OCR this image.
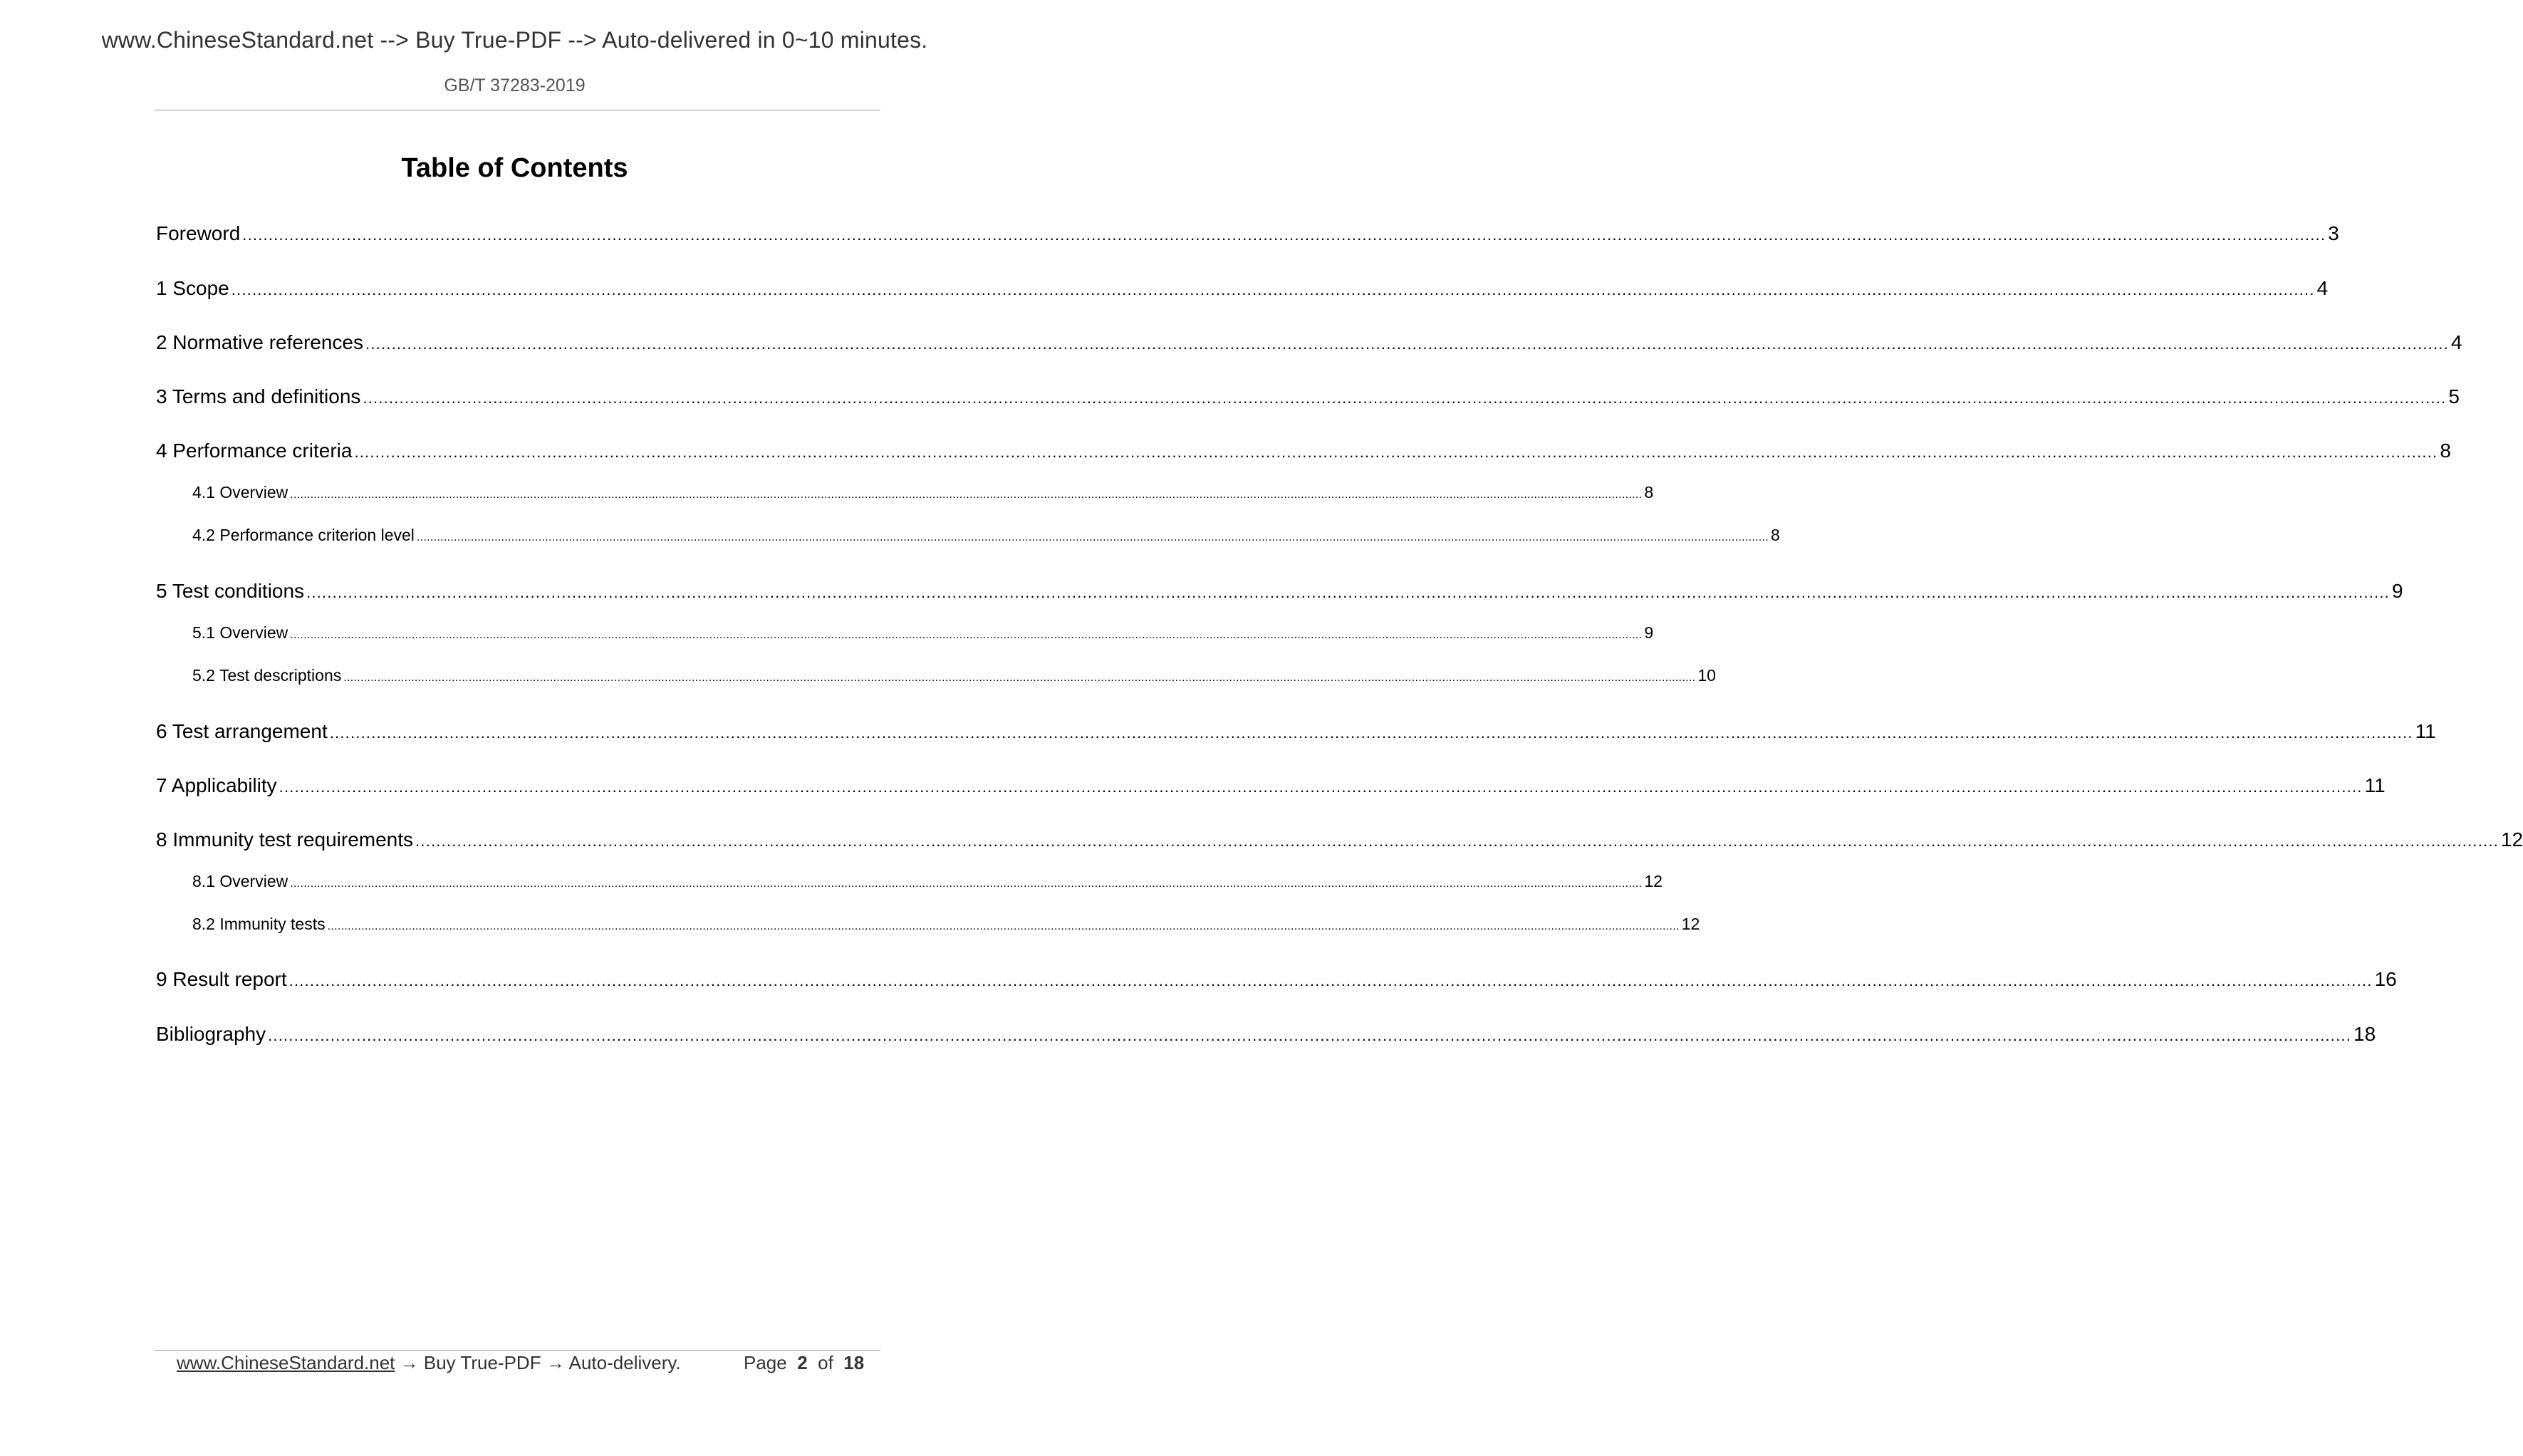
www.ChineseStandard.net --> Buy True-PDF --> Auto-delivered in 0~10 minutes.
GB/T 37283-2019
Table of Contents
Foreword ................................................................................................................................................................................................................................................................................................................................................................................................................ 3
1 Scope ................................................................................................................................................................................................................................................................................................................................................................................................................ 4
2 Normative references ................................................................................................................................................................................................................................................................................................................................................................................................................ 4
3 Terms and definitions ................................................................................................................................................................................................................................................................................................................................................................................................................ 5
4 Performance criteria ................................................................................................................................................................................................................................................................................................................................................................................................................ 8
4.1 Overview ................................................................................................................................................................................................................................................................................................................................................................................................................ 8
4.2 Performance criterion level ................................................................................................................................................................................................................................................................................................................................................................................................................ 8
5 Test conditions ................................................................................................................................................................................................................................................................................................................................................................................................................ 9
5.1 Overview ................................................................................................................................................................................................................................................................................................................................................................................................................ 9
5.2 Test descriptions ................................................................................................................................................................................................................................................................................................................................................................................................................ 10
6 Test arrangement ................................................................................................................................................................................................................................................................................................................................................................................................................ 11
7 Applicability ................................................................................................................................................................................................................................................................................................................................................................................................................ 11
8 Immunity test requirements ................................................................................................................................................................................................................................................................................................................................................................................................................ 12
8.1 Overview ................................................................................................................................................................................................................................................................................................................................................................................................................ 12
8.2 Immunity tests ................................................................................................................................................................................................................................................................................................................................................................................................................ 12
9 Result report ................................................................................................................................................................................................................................................................................................................................................................................................................ 16
Bibliography ................................................................................................................................................................................................................................................................................................................................................................................................................ 18
www.ChineseStandard.net → Buy True-PDF → Auto-delivery.	Page 2 of 18
